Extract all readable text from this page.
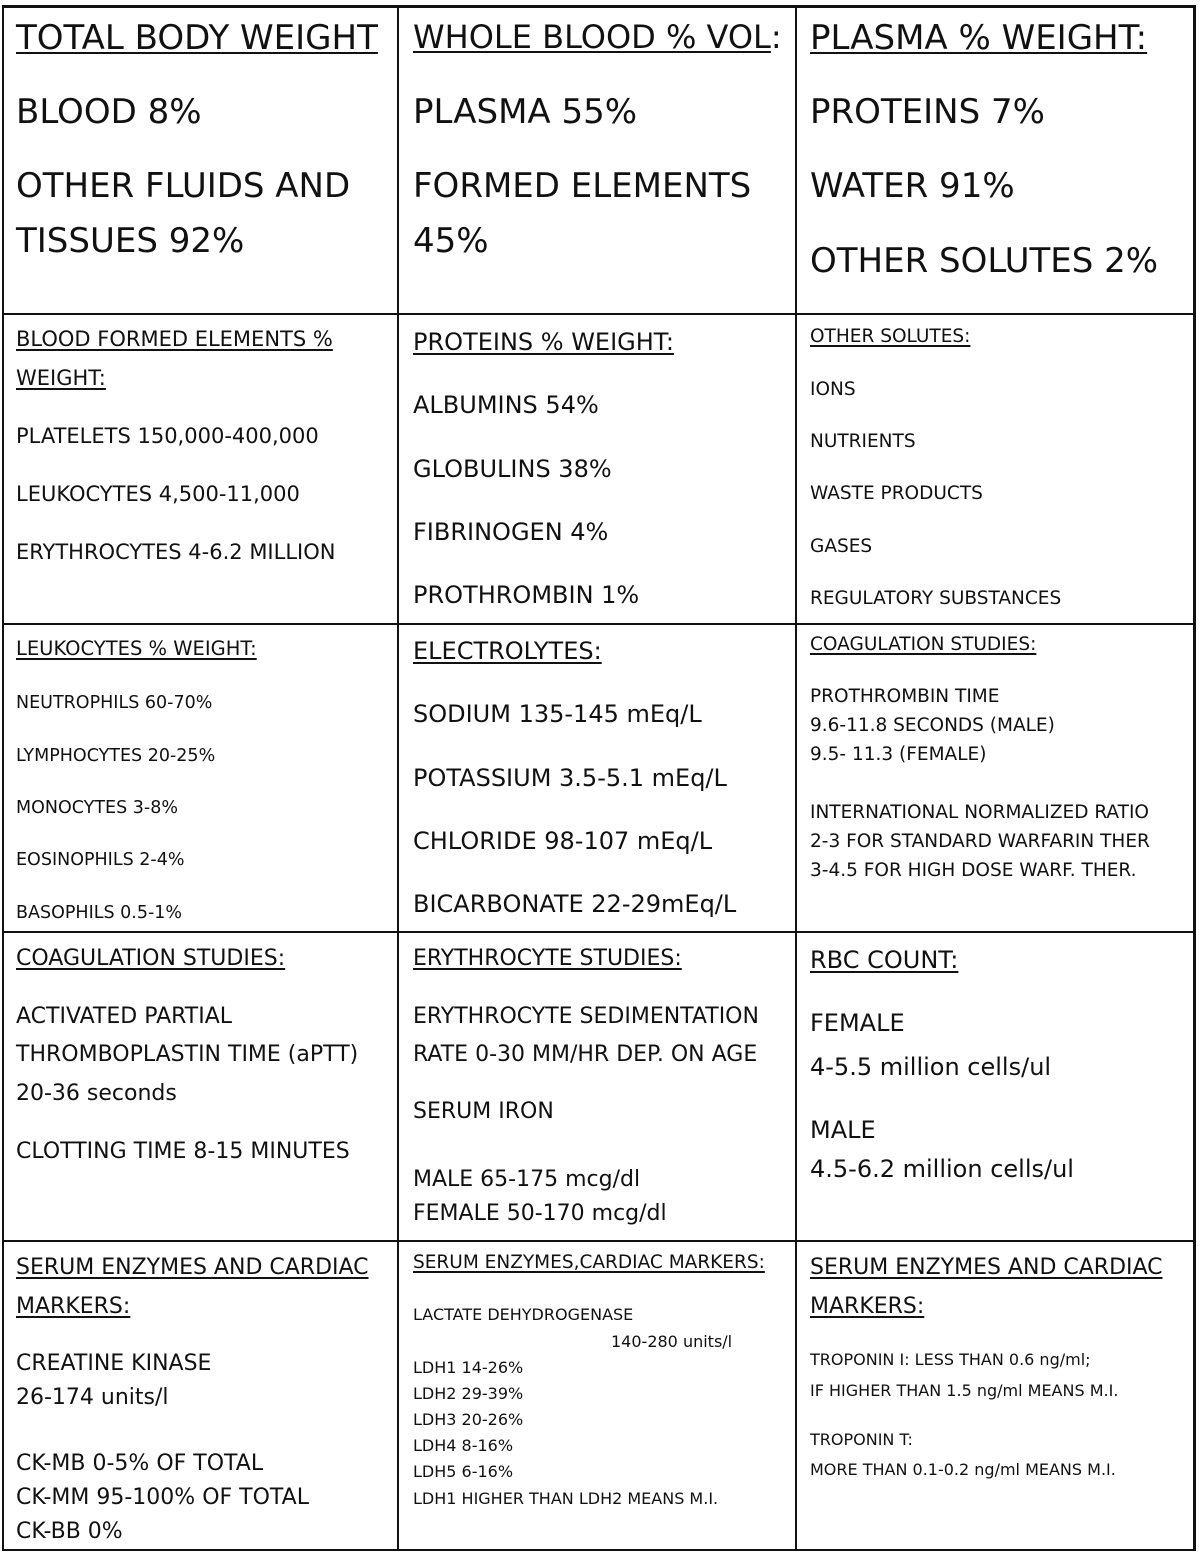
TOTAL BODY WEIGHT
BLOOD 8%
OTHER FLUIDS AND
TISSUES 92%
WHOLE BLOOD % VOL:
PLASMA 55%
FORMED ELEMENTS
45%
PLASMA % WEIGHT:
PROTEINS 7%
WATER 91%
OTHER SOLUTES 2%
BLOOD FORMED ELEMENTS %
WEIGHT:
PLATELETS 150,000-400,000
LEUKOCYTES 4,500-11,000
ERYTHROCYTES 4-6.2 MILLION
PROTEINS % WEIGHT:
ALBUMINS 54%
GLOBULINS 38%
FIBRINOGEN 4%
PROTHROMBIN 1%
OTHER SOLUTES:
IONS
NUTRIENTS
WASTE PRODUCTS
GASES
REGULATORY SUBSTANCES
LEUKOCYTES % WEIGHT:
NEUTROPHILS 60-70%
LYMPHOCYTES 20-25%
MONOCYTES 3-8%
EOSINOPHILS 2-4%
BASOPHILS 0.5-1%
ELECTROLYTES:
SODIUM 135-145 mEq/L
POTASSIUM 3.5-5.1 mEq/L
CHLORIDE 98-107 mEq/L
BICARBONATE 22-29mEq/L
COAGULATION STUDIES:
PROTHROMBIN TIME
9.6-11.8 SECONDS (MALE)
9.5- 11.3 (FEMALE)
INTERNATIONAL NORMALIZED RATIO
2-3 FOR STANDARD WARFARIN THER
3-4.5 FOR HIGH DOSE WARF. THER.
COAGULATION STUDIES:
ACTIVATED PARTIAL
THROMBOPLASTIN TIME (aPTT)
20-36 seconds
CLOTTING TIME 8-15 MINUTES
ERYTHROCYTE STUDIES:
ERYTHROCYTE SEDIMENTATION
RATE 0-30 MM/HR DEP. ON AGE
SERUM IRON
MALE 65-175 mcg/dl
FEMALE 50-170 mcg/dl
RBC COUNT:
FEMALE
4-5.5 million cells/ul
MALE
4.5-6.2 million cells/ul
SERUM ENZYMES AND CARDIAC
MARKERS:
CREATINE KINASE
26-174 units/l
CK-MB 0-5% OF TOTAL
CK-MM 95-100% OF TOTAL
CK-BB 0%
SERUM ENZYMES,CARDIAC MARKERS:
LACTATE DEHYDROGENASE
140-280 units/l
LDH1 14-26%
LDH2 29-39%
LDH3 20-26%
LDH4 8-16%
LDH5 6-16%
LDH1 HIGHER THAN LDH2 MEANS M.I.
SERUM ENZYMES AND CARDIAC
MARKERS:
TROPONIN I: LESS THAN 0.6 ng/ml;
IF HIGHER THAN 1.5 ng/ml MEANS M.I.
TROPONIN T:
MORE THAN 0.1-0.2 ng/ml MEANS M.I.
